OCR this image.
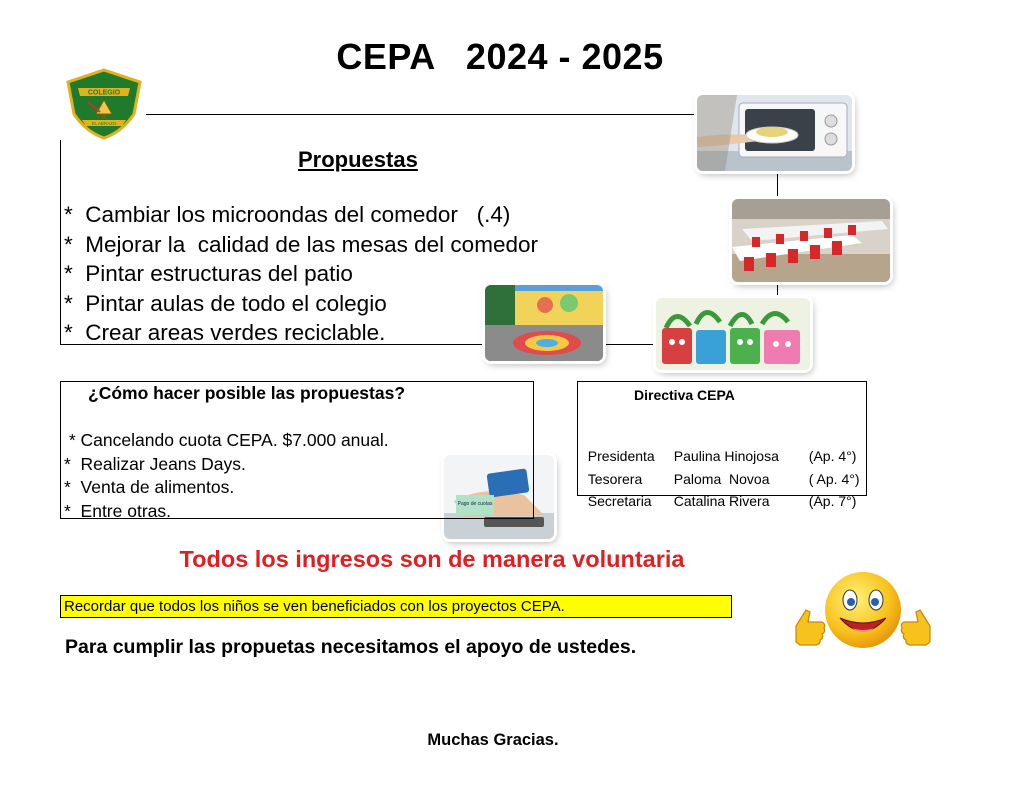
CEPA   2024 - 2025
COLEGIO
EL ABRAZO
Propuestas
*  Cambiar los microondas del comedor   (.4)
*  Mejorar la  calidad de las mesas del comedor
*  Pintar estructuras del patio
*  Pintar aulas de todo el colegio
*  Crear areas verdes reciclable.
Pago de cuotas
¿Cómo hacer posible las propuestas?
* Cancelando cuota CEPA. $7.000 anual.
*  Realizar Jeans Days.
*  Venta de alimentos.
*  Entre otras.
Directiva CEPA

Presidenta Paulina Hinojosa (Ap. 4°)

Tesorera Paloma  Novoa	( Ap. 4°)

Secretaria Catalina Rivera	(Ap. 7°)

Todos los ingresos son de manera voluntaria
Recordar que todos los niños se ven beneficiados con los proyectos CEPA.
Para cumplir las propuetas necesitamos el apoyo de ustedes.
Muchas Gracias.
